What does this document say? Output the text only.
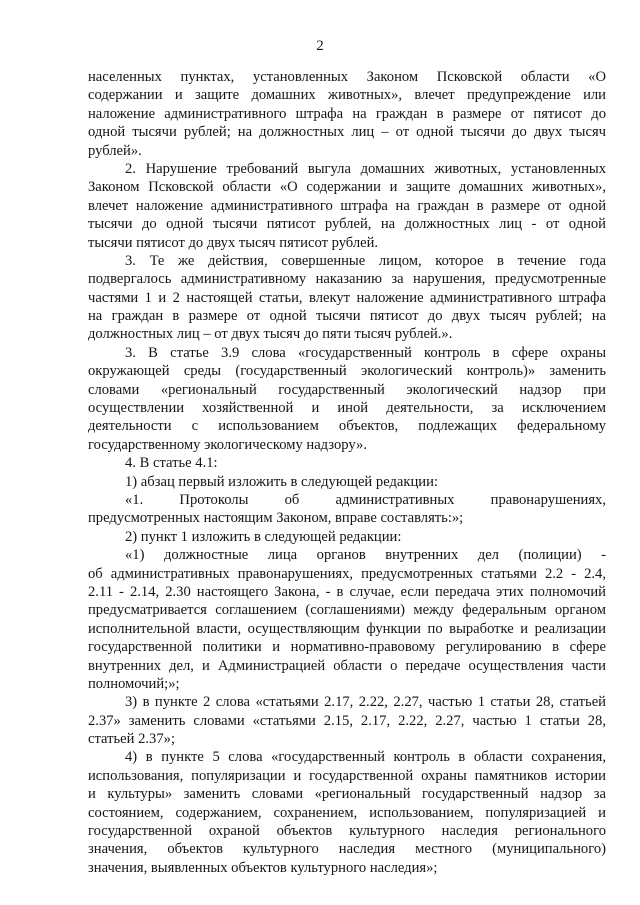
2
населенных пунктах, установленных Законом Псковской области «О
содержании и защите домашних животных», влечет предупреждение или
наложение административного штрафа на граждан в размере от пятисот до
одной тысячи рублей; на должностных лиц – от одной тысячи до двух тысяч
рублей».
2. Нарушение требований выгула домашних животных, установленных
Законом Псковской области «О содержании и защите домашних животных»,
влечет наложение административного штрафа на граждан в размере от одной
тысячи до одной тысячи пятисот рублей, на должностных лиц - от одной
тысячи пятисот до двух тысяч пятисот рублей.
3. Те же действия, совершенные лицом, которое в течение года
подвергалось административному наказанию за нарушения, предусмотренные
частями 1 и 2 настоящей статьи, влекут наложение административного штрафа
на граждан в размере от одной тысячи пятисот до двух тысяч рублей; на
должностных лиц – от двух тысяч до пяти тысяч рублей.».
3. В статье 3.9 слова «государственный контроль в сфере охраны
окружающей среды (государственный экологический контроль)» заменить
словами «региональный государственный экологический надзор при
осуществлении хозяйственной и иной деятельности, за исключением
деятельности с использованием объектов, подлежащих федеральному
государственному экологическому надзору».
4. В статье 4.1:
1) абзац первый изложить в следующей редакции:
«1. Протоколы об административных правонарушениях,
предусмотренных настоящим Законом, вправе составлять:»;
2) пункт 1 изложить в следующей редакции:
«1) должностные лица органов внутренних дел (полиции) -
об административных правонарушениях, предусмотренных статьями 2.2 - 2.4,
2.11 - 2.14, 2.30 настоящего Закона, - в случае, если передача этих полномочий
предусматривается соглашением (соглашениями) между федеральным органом
исполнительной власти, осуществляющим функции по выработке и реализации
государственной политики и нормативно-правовому регулированию в сфере
внутренних дел, и Администрацией области о передаче осуществления части
полномочий;»;
3) в пункте 2 слова «статьями 2.17, 2.22, 2.27, частью 1 статьи 28, статьей
2.37» заменить словами «статьями 2.15, 2.17, 2.22, 2.27, частью 1 статьи 28,
статьей 2.37»;
4) в пункте 5 слова «государственный контроль в области сохранения,
использования, популяризации и государственной охраны памятников истории
и культуры» заменить словами «региональный государственный надзор за
состоянием, содержанием, сохранением, использованием, популяризацией и
государственной охраной объектов культурного наследия регионального
значения, объектов культурного наследия местного (муниципального)
значения, выявленных объектов культурного наследия»;
